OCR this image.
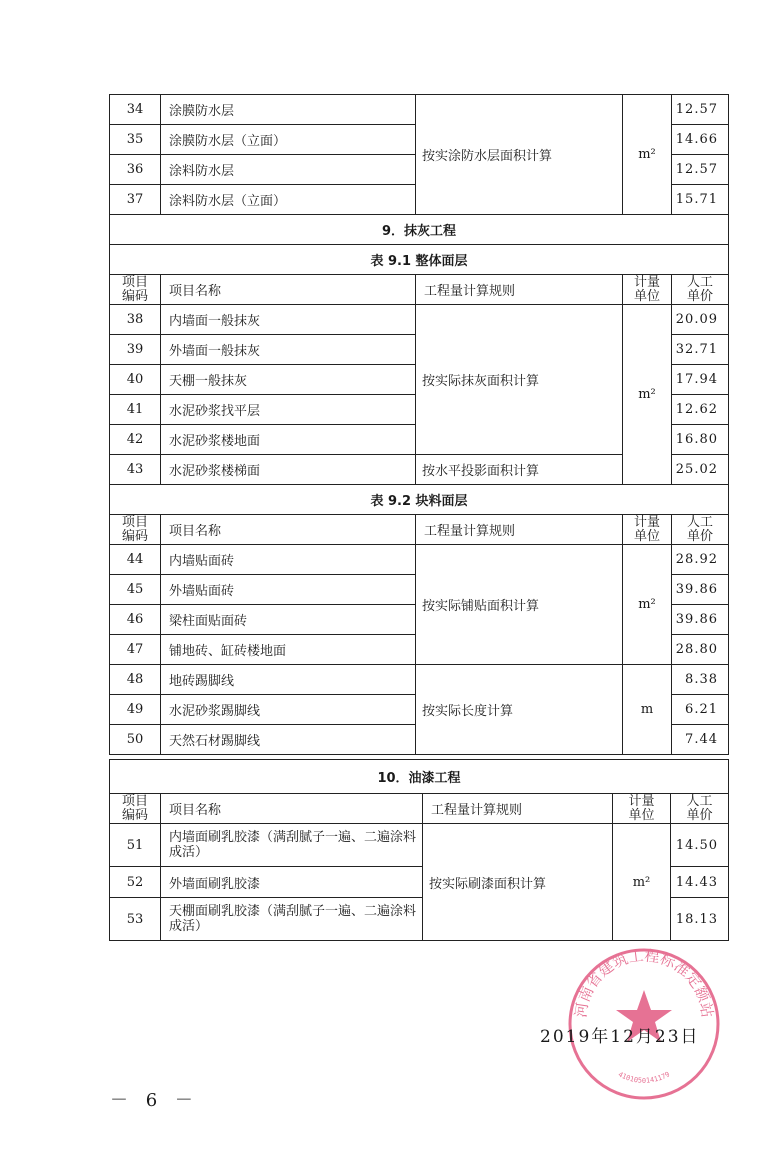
34	涂膜防水层	按实涂防水层面积计算	m²	12.57
35	涂膜防水层（立面）			14.66
36	涂料防水层			12.57
37	涂料防水层（立面）			15.71
9．抹灰工程				
表 9.1 整体面层				
项目编码	项目名称	工程量计算规则	计量单位	人工单价
38	内墙面一般抹灰	按实际抹灰面积计算	m²	20.09
39	外墙面一般抹灰			32.71
40	天棚一般抹灰			17.94
41	水泥砂浆找平层			12.62
42	水泥砂浆楼地面			16.80
43	水泥砂浆楼梯面	按水平投影面积计算		25.02
表 9.2 块料面层				
项目编码	项目名称	工程量计算规则	计量单位	人工单价
44	内墙贴面砖	按实际铺贴面积计算	m²	28.92
45	外墙贴面砖			39.86
46	梁柱面贴面砖			39.86
47	铺地砖、缸砖楼地面			28.80
48	地砖踢脚线	按实际长度计算	m	8.38
49	水泥砂浆踢脚线			6.21
50	天然石材踢脚线			7.44
10．油漆工程				
项目编码	项目名称	工程量计算规则	计量单位	人工单价
51	内墙面刷乳胶漆（满刮腻子一遍、二遍涂料成活）	按实际刷漆面积计算	m²	14.50
52	外墙面刷乳胶漆			14.43
53	天棚面刷乳胶漆（满刮腻子一遍、二遍涂料成活）			18.13
河南省建筑工程标准定额站
4101050141179
2019年12月23日
－ 6 －
